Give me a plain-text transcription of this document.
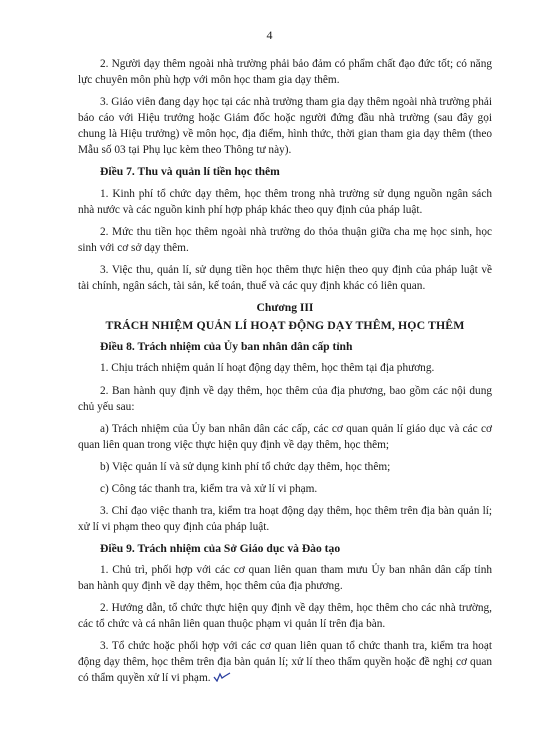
4

2. Người dạy thêm ngoài nhà trường phải bảo đảm có phẩm chất đạo đức tốt; có năng lực chuyên môn phù hợp với môn học tham gia dạy thêm.

3. Giáo viên đang dạy học tại các nhà trường tham gia dạy thêm ngoài nhà trường phải báo cáo với Hiệu trưởng hoặc Giám đốc hoặc người đứng đầu nhà trường (sau đây gọi chung là Hiệu trưởng) về môn học, địa điểm, hình thức, thời gian tham gia dạy thêm (theo Mẫu số 03 tại Phụ lục kèm theo Thông tư này).

Điều 7. Thu và quản lí tiền học thêm

1. Kinh phí tổ chức dạy thêm, học thêm trong nhà trường sử dụng nguồn ngân sách nhà nước và các nguồn kinh phí hợp pháp khác theo quy định của pháp luật.

2. Mức thu tiền học thêm ngoài nhà trường do thỏa thuận giữa cha mẹ học sinh, học sinh với cơ sở dạy thêm.

3. Việc thu, quản lí, sử dụng tiền học thêm thực hiện theo quy định của pháp luật về tài chính, ngân sách, tài sản, kế toán, thuế và các quy định khác có liên quan.

Chương III
TRÁCH NHIỆM QUẢN LÍ HOẠT ĐỘNG DẠY THÊM, HỌC THÊM
Điều 8. Trách nhiệm của Ủy ban nhân dân cấp tỉnh

1. Chịu trách nhiệm quản lí hoạt động dạy thêm, học thêm tại địa phương.

2. Ban hành quy định về dạy thêm, học thêm của địa phương, bao gồm các nội dung chủ yếu sau:

a) Trách nhiệm của Ủy ban nhân dân các cấp, các cơ quan quản lí giáo dục và các cơ quan liên quan trong việc thực hiện quy định về dạy thêm, học thêm;

b) Việc quản lí và sử dụng kinh phí tổ chức dạy thêm, học thêm;

c) Công tác thanh tra, kiểm tra và xử lí vi phạm.

3. Chỉ đạo việc thanh tra, kiểm tra hoạt động dạy thêm, học thêm trên địa bàn quản lí; xử lí vi phạm theo quy định của pháp luật.

Điều 9. Trách nhiệm của Sở Giáo dục và Đào tạo

1. Chủ trì, phối hợp với các cơ quan liên quan tham mưu Ủy ban nhân dân cấp tỉnh ban hành quy định về dạy thêm, học thêm của địa phương.

2. Hướng dẫn, tổ chức thực hiện quy định về dạy thêm, học thêm cho các nhà trường, các tổ chức và cá nhân liên quan thuộc phạm vi quản lí trên địa bàn.

3. Tổ chức hoặc phối hợp với các cơ quan liên quan tổ chức thanh tra, kiểm tra hoạt động dạy thêm, học thêm trên địa bàn quản lí; xử lí theo thẩm quyền hoặc đề nghị cơ quan có thẩm quyền xử lí vi phạm.
